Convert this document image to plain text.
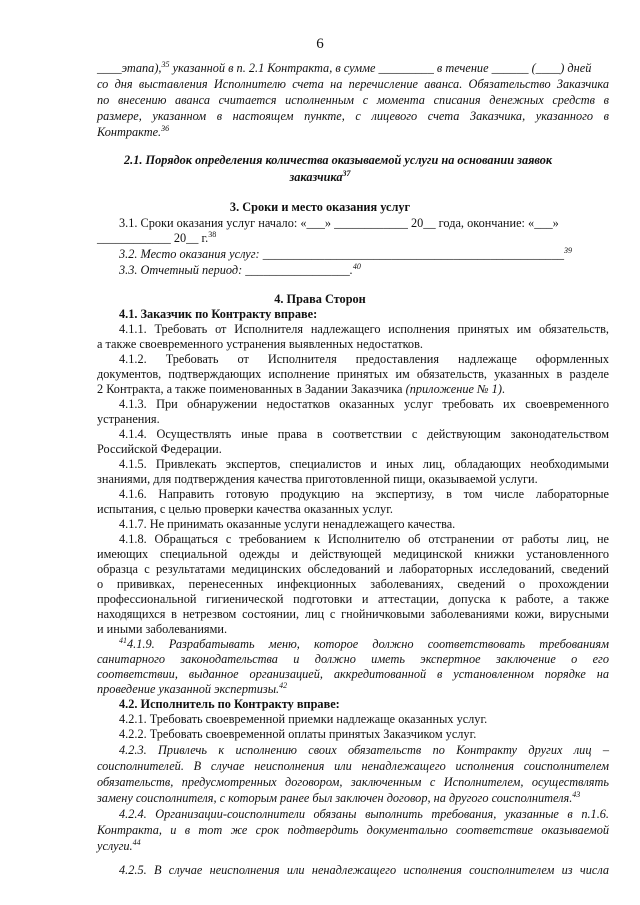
6
____этапа),$^{35}$ указанной в п. 2.1 Контракта, в сумме _________ в течение ______ (____) дней
со дня выставления Исполнителю счета на перечисление аванса. Обязательство Заказчика
по внесению аванса считается исполненным с момента списания денежных средств в
размере, указанном в настоящем пункте, с лицевого счета Заказчика, указанного в
Контракте.$^{36}$
2.1. Порядок определения количества оказываемой услуги на основании заявок
заказчика$^{37}$
3. Сроки и место оказания услуг
3.1. Сроки оказания услуг начало: «___» ____________ 20__ года, окончание: «___»
____________ 20__ г.$^{38}$
3.2. Место оказания услуг: _________________________________________________$^{39}$
3.3. Отчетный период: _________________.$^{40}$
4. Права Сторон
4.1. Заказчик по Контракту вправе:
4.1.1. Требовать от Исполнителя надлежащего исполнения принятых им обязательств,
а также своевременного устранения выявленных недостатков.
4.1.2. Требовать от Исполнителя предоставления надлежаще оформленных
документов, подтверждающих исполнение принятых им обязательств, указанных в разделе
2 Контракта, а также поименованных в Задании Заказчика (приложение № 1).
4.1.3. При обнаружении недостатков оказанных услуг требовать их своевременного
устранения.
4.1.4. Осуществлять иные права в соответствии с действующим законодательством
Российской Федерации.
4.1.5. Привлекать экспертов, специалистов и иных лиц, обладающих необходимыми
знаниями, для подтверждения качества приготовленной пищи, оказываемой услуги.
4.1.6. Направить готовую продукцию на экспертизу, в том числе лабораторные
испытания, с целью проверки качества оказанных услуг.
4.1.7. Не принимать оказанные услуги ненадлежащего качества.
4.1.8. Обращаться с требованием к Исполнителю об отстранении от работы лиц, не
имеющих специальной одежды и действующей медицинской книжки установленного
образца с результатами медицинских обследований и лабораторных исследований, сведений
о прививках, перенесенных инфекционных заболеваниях, сведений о прохождении
профессиональной гигиенической подготовки и аттестации, допуска к работе, а также
находящихся в нетрезвом состоянии, лиц с гнойничковыми заболеваниями кожи, вирусными
и иными заболеваниями.
$^{41}$4.1.9. Разрабатывать меню, которое должно соответствовать требованиям
санитарного законодательства и должно иметь экспертное заключение о его
соответствии, выданное организацией, аккредитованной в установленном порядке на
проведение указанной экспертизы.$^{42}$
4.2. Исполнитель по Контракту вправе:
4.2.1. Требовать своевременной приемки надлежаще оказанных услуг.
4.2.2. Требовать своевременной оплаты принятых Заказчиком услуг.
4.2.3. Привлечь к исполнению своих обязательств по Контракту других лиц –
соисполнителей. В случае неисполнения или ненадлежащего исполнения соисполнителем
обязательств, предусмотренных договором, заключенным с Исполнителем, осуществлять
замену соисполнителя, с которым ранее был заключен договор, на другого соисполнителя.$^{43}$
4.2.4. Организации-соисполнители обязаны выполнить требования, указанные в п.1.6.
Контракта, и в тот же срок подтвердить документально соответствие оказываемой
услуги.$^{44}$
4.2.5. В случае неисполнения или ненадлежащего исполнения соисполнителем из числа
